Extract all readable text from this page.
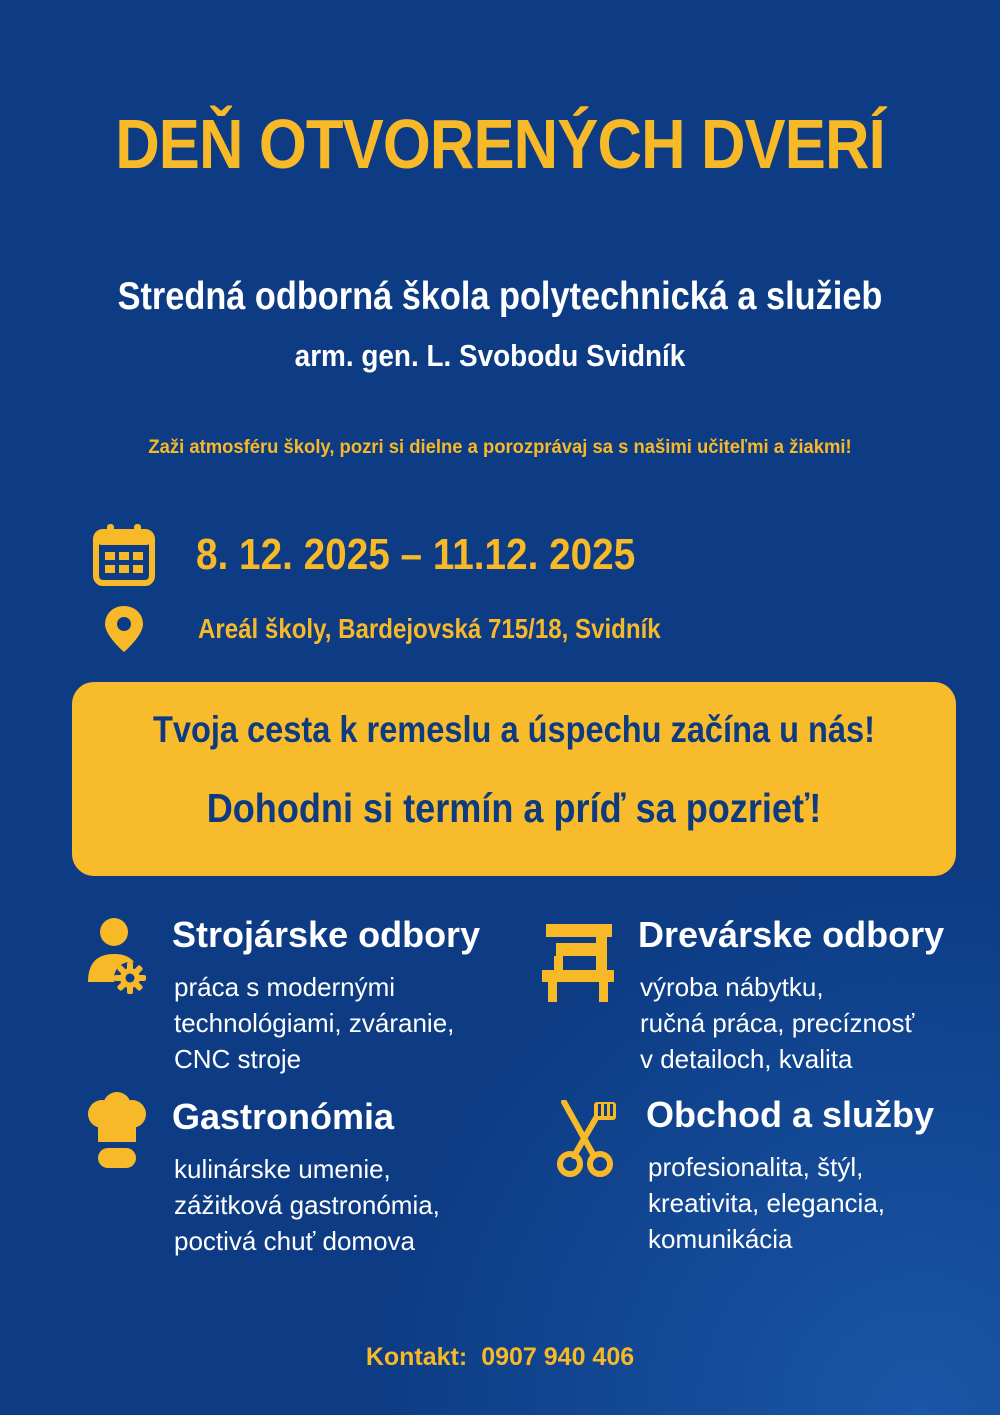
DEŇ OTVORENÝCH DVERÍ
Stredná odborná škola polytechnická a služieb
arm. gen. L. Svobodu Svidník
Zaži atmosféru školy, pozri si dielne a porozprávaj sa s našimi učiteľmi a žiakmi!
8. 12. 2025 – 11.12. 2025
Areál školy, Bardejovská 715/18, Svidník
Tvoja cesta k remeslu a úspechu začína u nás!
Dohodni si termín a príď sa pozrieť!
Strojárske odbory
práca s modernými
technológiami, zváranie,
CNC stroje
Drevárske odbory
výroba nábytku,
ručná práca, precíznosť
v detailoch, kvalita
Gastronómia
kulinárske umenie,
zážitková gastronómia,
poctivá chuť domova
Obchod a služby
profesionalita, štýl,
kreativita, elegancia,
komunikácia
Kontakt: 0907 940 406
